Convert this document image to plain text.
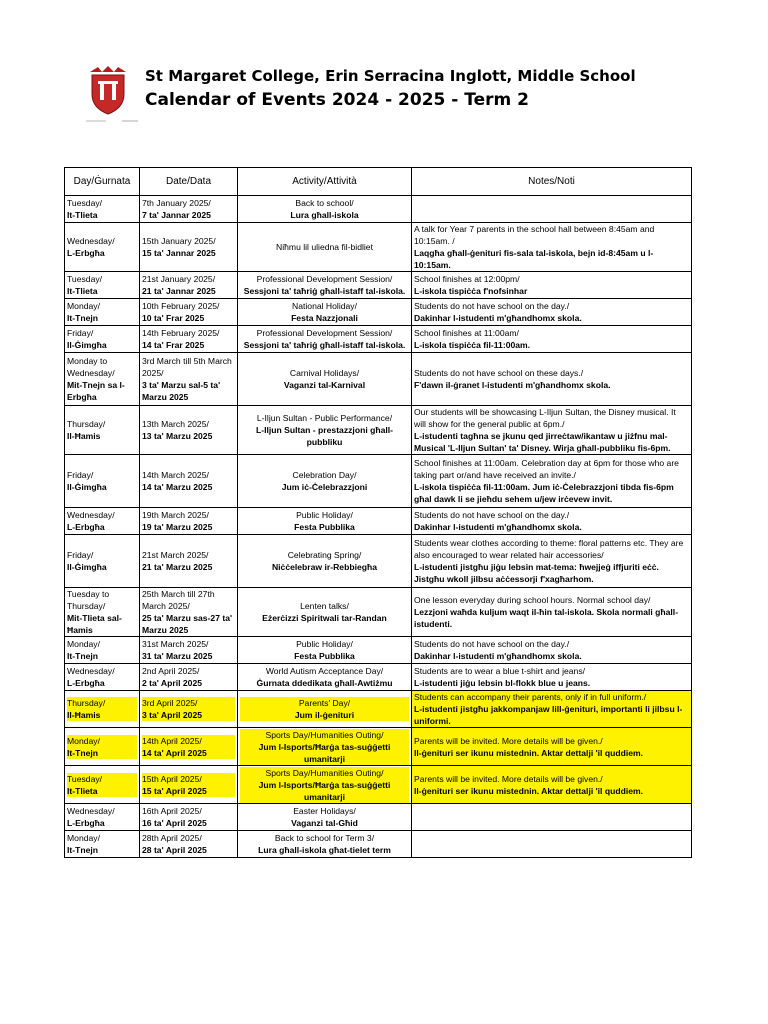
St Margaret College, Erin Serracina Inglott, Middle School
Calendar of Events 2024 - 2025 - Term 2
Day/Ġurnata	Date/Data	Activity/Attività	Notes/Noti

Tuesday/
It-Tlieta	7th January 2025/
7 ta' Jannar 2025	Back to school/
Lura għall-iskola	

Wednesday/
L-Erbgħa	15th January 2025/
15 ta' Jannar 2025	Niħmu lil uliedna fil-bidliet	A talk for Year 7 parents in the school hall between 8:45am and 10:15am. /
Laqgħa għall-ġenituri fis-sala tal-iskola, bejn id-8:45am u l-10:15am.

Tuesday/
It-Tlieta	21st January 2025/
21 ta' Jannar 2025	Professional Development Session/
Sessjoni ta' taħriġ għall-istaff tal-iskola.	School finishes at 12:00pm/
L-iskola tispiċċa f'nofsinhar

Monday/
It-Tnejn	10th February 2025/
10 ta' Frar 2025	National Holiday/
Festa Nazzjonali	Students do not have school on the day./
Dakinhar l-istudenti m'għandhomx skola.

Friday/
Il-Ġimgħa	14th February 2025/
14 ta' Frar 2025	Professional Development Session/
Sessjoni ta' taħriġ għall-istaff tal-iskola.	School finishes at 11:00am/
L-iskola tispiċċa fil-11:00am.

Monday to Wednesday/
Mit-Tnejn sa l-Erbgħa	3rd March till 5th March 2025/
3 ta' Marzu sal-5 ta' Marzu 2025	Carnival Holidays/
Vaganzi tal-Karnival	Students do not have school on these days./
F'dawn il-ġranet l-istudenti m'għandhomx skola.

Thursday/
Il-Ħamis	13th March 2025/
13 ta' Marzu 2025	L-Iljun Sultan - Public Performance/
L-Iljun Sultan - prestazzjoni għall-pubbliku	Our students will be showcasing L-Iljun Sultan, the Disney musical. It will show for the general public at 6pm./
L-istudenti tagħna se jkunu qed jirreċtaw/ikantaw u jiżfnu mal-Musical 'L-Iljun Sultan' ta' Disney. Wirja għall-pubbliku fis-6pm.

Friday/
Il-Ġimgħa	14th March 2025/
14 ta' Marzu 2025	Celebration Day/
Jum iċ-Ċelebrazzjoni	School finishes at 11:00am. Celebration day at 6pm for those who are taking part or/and have received an invite./
L-iskola tispiċċa fil-11:00am. Jum iċ-Ċelebrazzjoni tibda fis-6pm għal dawk li se jieħdu sehem u/jew irċevew invit.

Wednesday/
L-Erbgħa	19th March 2025/
19 ta' Marzu 2025	Public Holiday/
Festa Pubblika	Students do not have school on the day./
Dakinhar l-istudenti m'għandhomx skola.

Friday/
Il-Ġimgħa	21st March 2025/
21 ta' Marzu 2025	Celebrating Spring/
Niċċelebraw ir-Rebbiegħa	Students wear clothes according to theme: floral patterns etc. They are also encouraged to wear related hair accessories/
L-istudenti jistgħu jiġu lebsin mat-tema: ħwejjeġ iffjuriti eċċ. Jistgħu wkoll jilbsu aċċessorji f'xagħarhom.

Tuesday to Thursday/
Mit-Tlieta sal-Ħamis	25th March till 27th March 2025/
25 ta' Marzu sas-27 ta' Marzu 2025	Lenten talks/
Eżerċizzi Spiritwali tar-Randan	One lesson everyday during school hours. Normal school day/
Lezzjoni waħda kuljum waqt il-ħin tal-iskola. Skola normali għall-istudenti.

Monday/
It-Tnejn	31st March 2025/
31 ta' Marzu 2025	Public Holiday/
Festa Pubblika	Students do not have school on the day./
Dakinhar l-istudenti m'għandhomx skola.

Wednesday/
L-Erbgħa	2nd April 2025/
2 ta' April 2025	World Autism Acceptance Day/
Ġurnata ddedikata għall-Awtiżmu	Students are to wear a blue t-shirt and jeans/
L-istudenti jiġu lebsin bl-flokk blue u jeans.

Thursday/
Il-Ħamis	3rd April 2025/
3 ta' April 2025	Parents' Day/
Jum il-ġenituri	Students can accompany their parents, only if in full uniform./
L-istudenti jistgħu jakkompanjaw lill-ġenituri, importanti li jilbsu l-uniformi.

Monday/
It-Tnejn	14th April 2025/
14 ta' April 2025	Sports Day/Humanities Outing/
Jum l-Isports/Ħarġa tas-suġġetti umanitarji	Parents will be invited. More details will be given./
Il-ġenituri ser ikunu mistednin. Aktar dettalji 'il quddiem.

Tuesday/
It-Tlieta	15th April 2025/
15 ta' April 2025	Sports Day/Humanities Outing/
Jum l-Isports/Ħarġa tas-suġġetti umanitarji	Parents will be invited. More details will be given./
Il-ġenituri ser ikunu mistednin. Aktar dettalji 'il quddiem.

Wednesday/
L-Erbgħa	16th April 2025/
16 ta' April 2025	Easter Holidays/
Vaganzi tal-Għid	

Monday/
It-Tnejn	28th April 2025/
28 ta' April 2025	Back to school for Term 3/
Lura għall-iskola għat-tielet term	
